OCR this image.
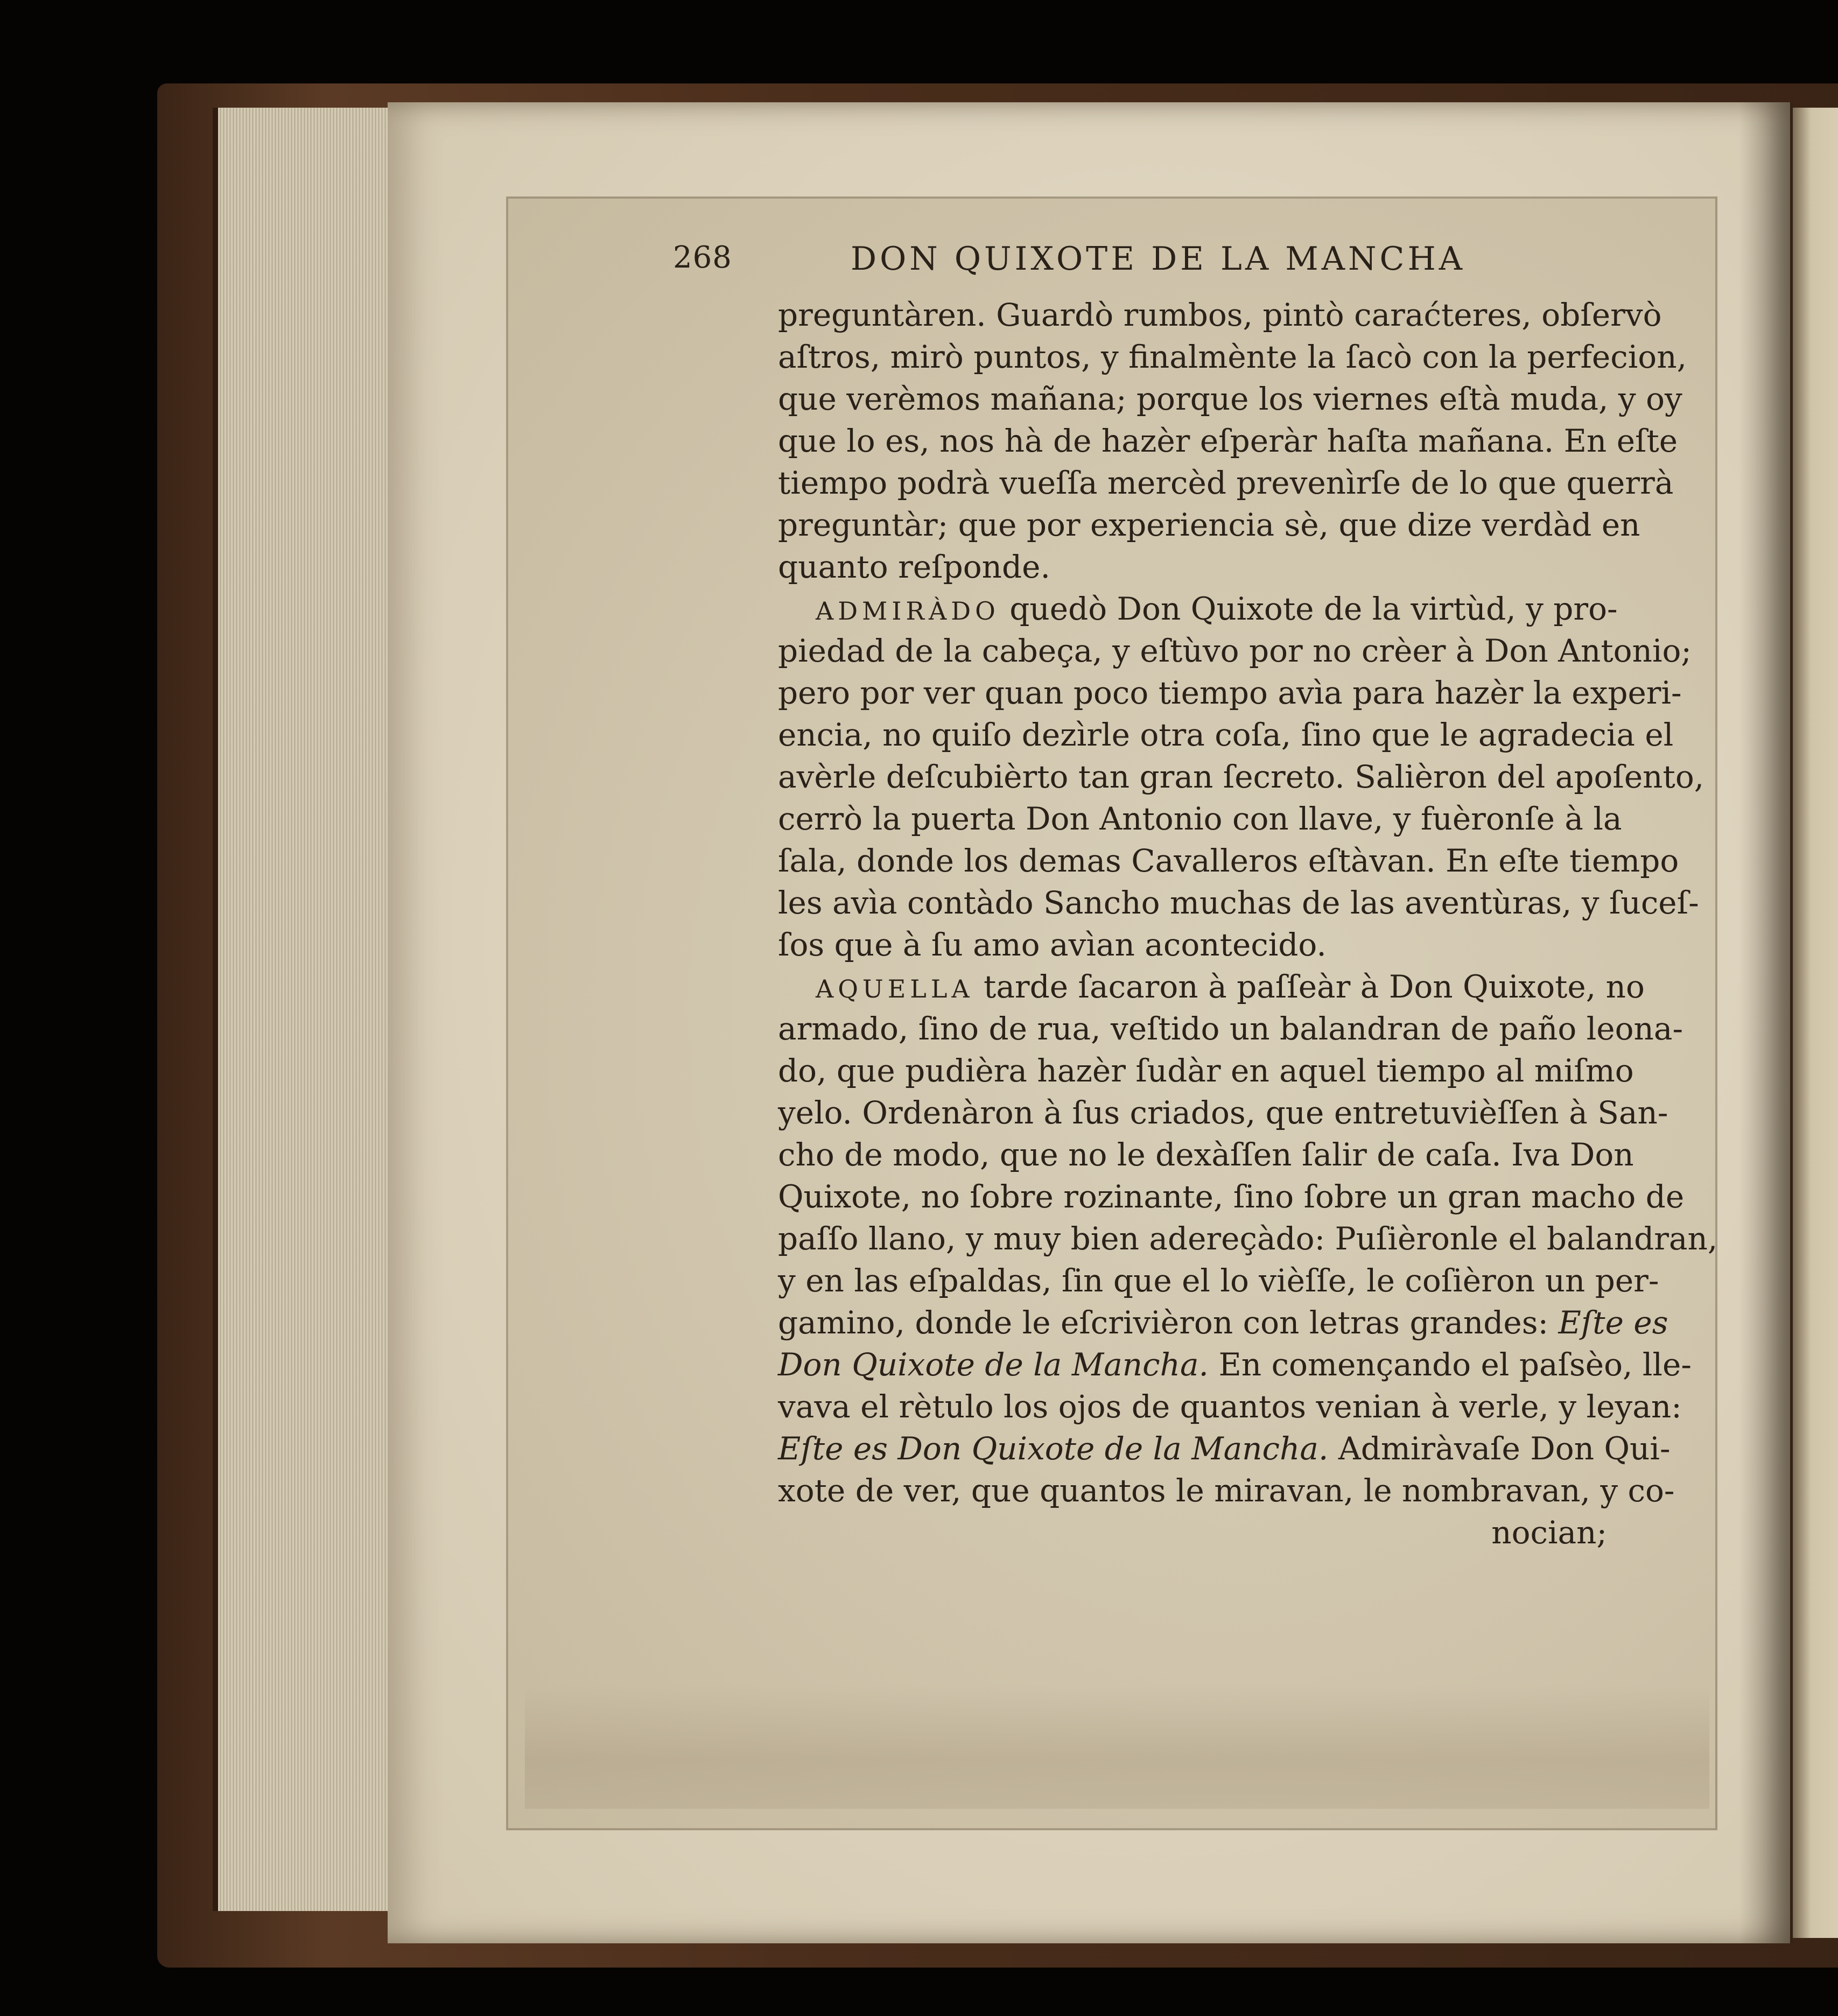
268	DON QUIXOTE DE LA MANCHA
preguntàren. Guardò rumbos, pintò caraćteres, obſervò
aſtros, mirò puntos, y finalmènte la ſacò con la perfecion,
que verèmos mañana; porque los viernes eſtà muda, y oy
que lo es, nos hà de hazèr eſperàr haſta mañana. En eſte
tiempo podrà vueſſa mercèd prevenìrſe de lo que querrà
preguntàr; que por experiencia sè, que dize verdàd en
quanto reſponde.
ADMIRÀDO quedò Don Quixote de la virtùd, y pro-
piedad de la cabeça, y eſtùvo por no crèer à Don Antonio;
pero por ver quan poco tiempo avìa para hazèr la experi-
encia, no quiſo dezìrle otra coſa, ſino que le agradecia el
avèrle deſcubièrto tan gran ſecreto. Salièron del apoſento,
cerrò la puerta Don Antonio con llave, y fuèronſe à la
ſala, donde los demas Cavalleros eſtàvan. En eſte tiempo
les avìa contàdo Sancho muchas de las aventùras, y ſuceſ-
ſos que à ſu amo avìan acontecido.
AQUELLA tarde ſacaron à paſſeàr à Don Quixote, no
armado, ſino de rua, veſtido un balandran de paño leona-
do, que pudièra hazèr ſudàr en aquel tiempo al miſmo
yelo. Ordenàron à ſus criados, que entretuvièſſen à San-
cho de modo, que no le dexàſſen ſalir de caſa. Iva Don
Quixote, no ſobre rozinante, ſino ſobre un gran macho de
paſſo llano, y muy bien adereçàdo: Puſièronle el balandran,
y en las eſpaldas, ſin que el lo vièſſe, le coſièron un per-
gamino, donde le eſcrivièron con letras grandes: Eſte es
Don Quixote de la Mancha. En començando el paſsèo, lle-
vava el rètulo los ojos de quantos venian à verle, y leyan:
Eſte es Don Quixote de la Mancha. Admiràvaſe Don Qui-
xote de ver, que quantos le miravan, le nombravan, y co-
nocian;
